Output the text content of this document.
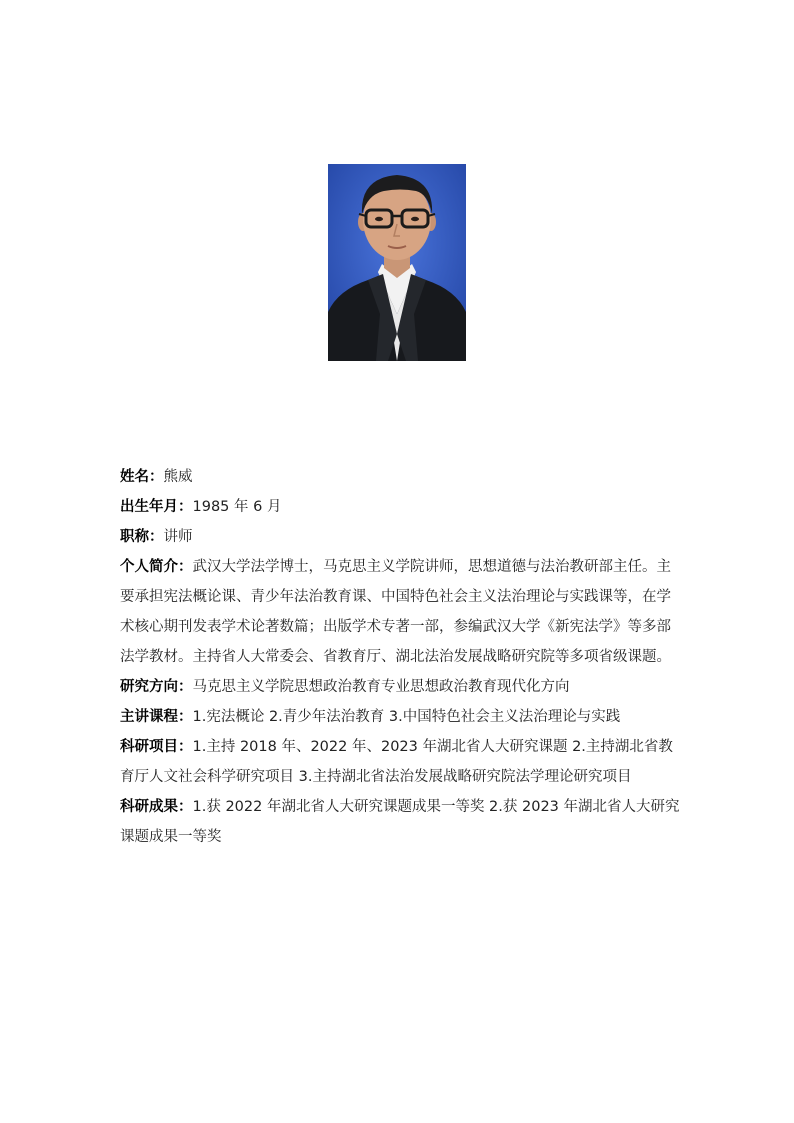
姓名：熊威

出生年月：1985 年 6 月

职称：讲师

个人简介：武汉大学法学博士，马克思主义学院讲师，思想道德与法治教研部主任。主要承担宪法概论课、青少年法治教育课、中国特色社会主义法治理论与实践课等，在学术核心期刊发表学术论著数篇；出版学术专著一部，参编武汉大学《新宪法学》等多部法学教材。主持省人大常委会、省教育厅、湖北法治发展战略研究院等多项省级课题。

研究方向：马克思主义学院思想政治教育专业思想政治教育现代化方向

主讲课程：1.宪法概论 2.青少年法治教育 3.中国特色社会主义法治理论与实践

科研项目：1.主持 2018 年、2022 年、2023 年湖北省人大研究课题 2.主持湖北省教育厅人文社会科学研究项目 3.主持湖北省法治发展战略研究院法学理论研究项目

科研成果：1.获 2022 年湖北省人大研究课题成果一等奖 2.获 2023 年湖北省人大研究课题成果一等奖
